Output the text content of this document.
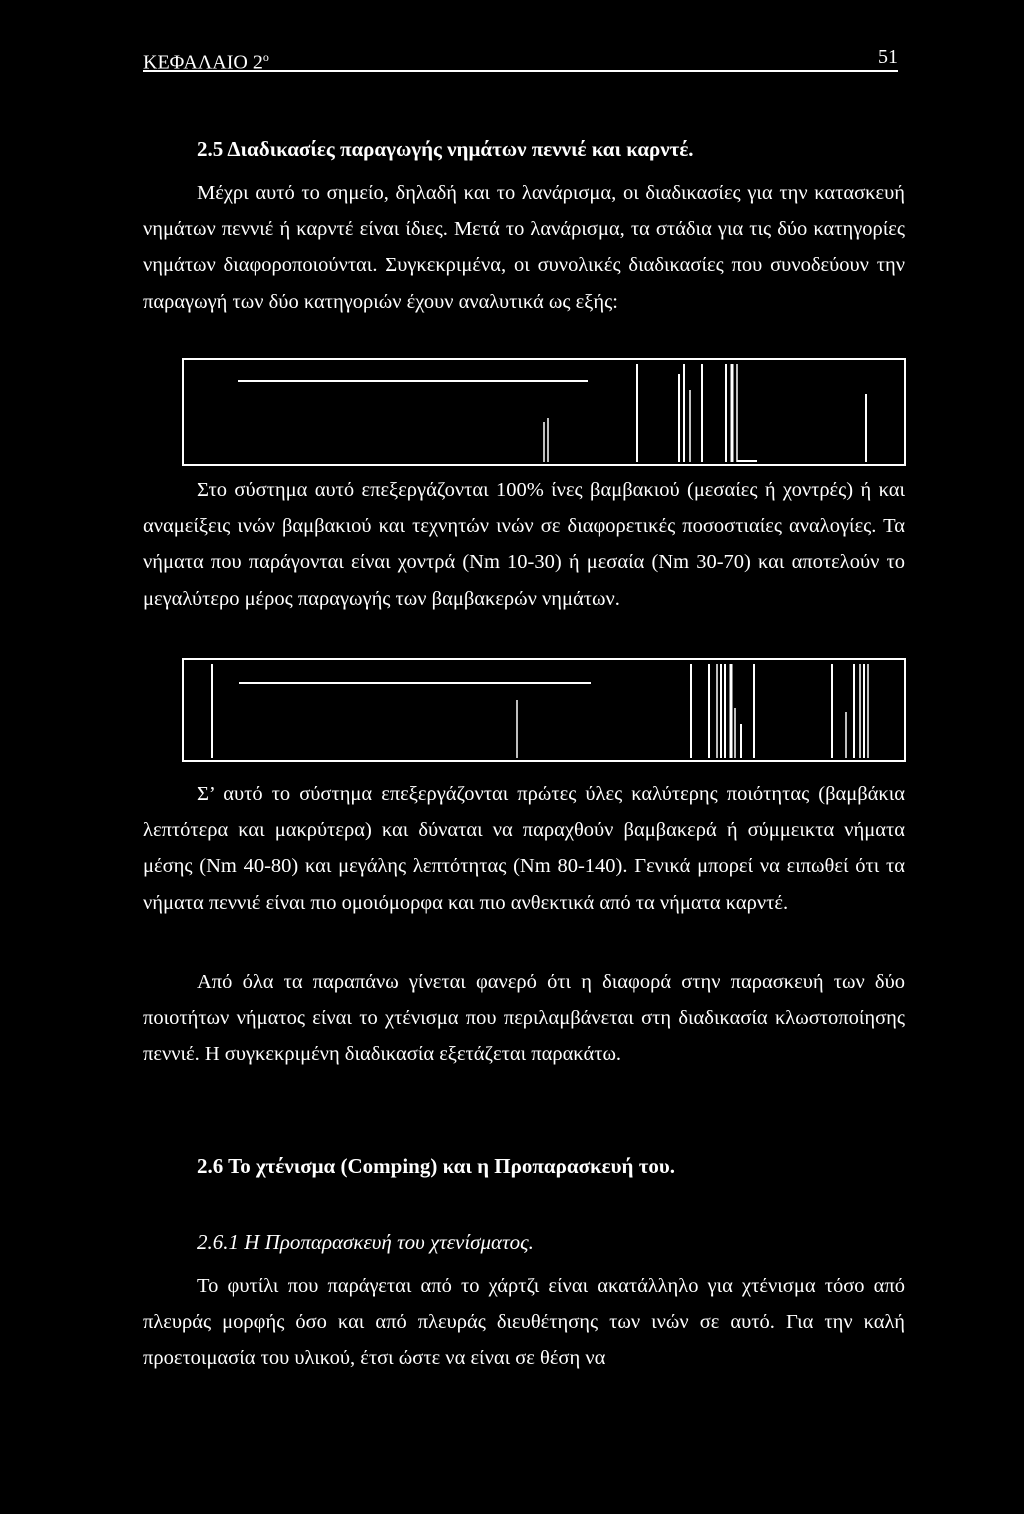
ΚΕΦΑΛΑΙΟ $2^o$	51
2.5 Διαδικασίες παραγωγής νημάτων πεννιέ και καρντέ.
Μέχρι αυτό το σημείο, δηλαδή και το λανάρισμα, οι διαδικασίες για την κατασκευή νημάτων πεννιέ ή καρντέ είναι ίδιες. Μετά το λανάρισμα, τα στάδια για τις δύο κατηγορίες νημάτων διαφοροποιούνται. Συγκεκριμένα, οι συνολικές διαδικασίες που συνοδεύουν την παραγωγή των δύο κατηγοριών έχουν αναλυτικά ως εξής:
Στο σύστημα αυτό επεξεργάζονται 100% ίνες βαμβακιού (μεσαίες ή χοντρές) ή και αναμείξεις ινών βαμβακιού και τεχνητών ινών σε διαφορετικές ποσοστιαίες αναλογίες. Τα νήματα που παράγονται είναι χοντρά (Nm 10-30) ή μεσαία (Nm 30-70) και αποτελούν το μεγαλύτερο μέρος παραγωγής των βαμβακερών νημάτων.
Σ’ αυτό το σύστημα επεξεργάζονται πρώτες ύλες καλύτερης ποιότητας (βαμβάκια λεπτότερα και μακρύτερα) και δύναται να παραχθούν βαμβακερά ή σύμμεικτα νήματα μέσης (Nm 40-80) και μεγάλης λεπτότητας (Nm 80-140). Γενικά μπορεί να ειπωθεί ότι τα νήματα πεννιέ είναι πιο ομοιόμορφα και πιο ανθεκτικά από τα νήματα καρντέ.
Από όλα τα παραπάνω γίνεται φανερό ότι η διαφορά στην παρασκευή των δύο ποιοτήτων νήματος είναι το χτένισμα που περιλαμβάνεται στη διαδικασία κλωστοποίησης πεννιέ. Η συγκεκριμένη διαδικασία εξετάζεται παρακάτω.
2.6 Το χτένισμα (Comping) και η Προπαρασκευή του.
2.6.1 Η Προπαρασκευή του χτενίσματος.
Το φυτίλι που παράγεται από το χάρτζι είναι ακατάλληλο για χτένισμα τόσο από πλευράς μορφής όσο και από πλευράς διευθέτησης των ινών σε αυτό. Για την καλή προετοιμασία του υλικού, έτσι ώστε να είναι σε θέση να
